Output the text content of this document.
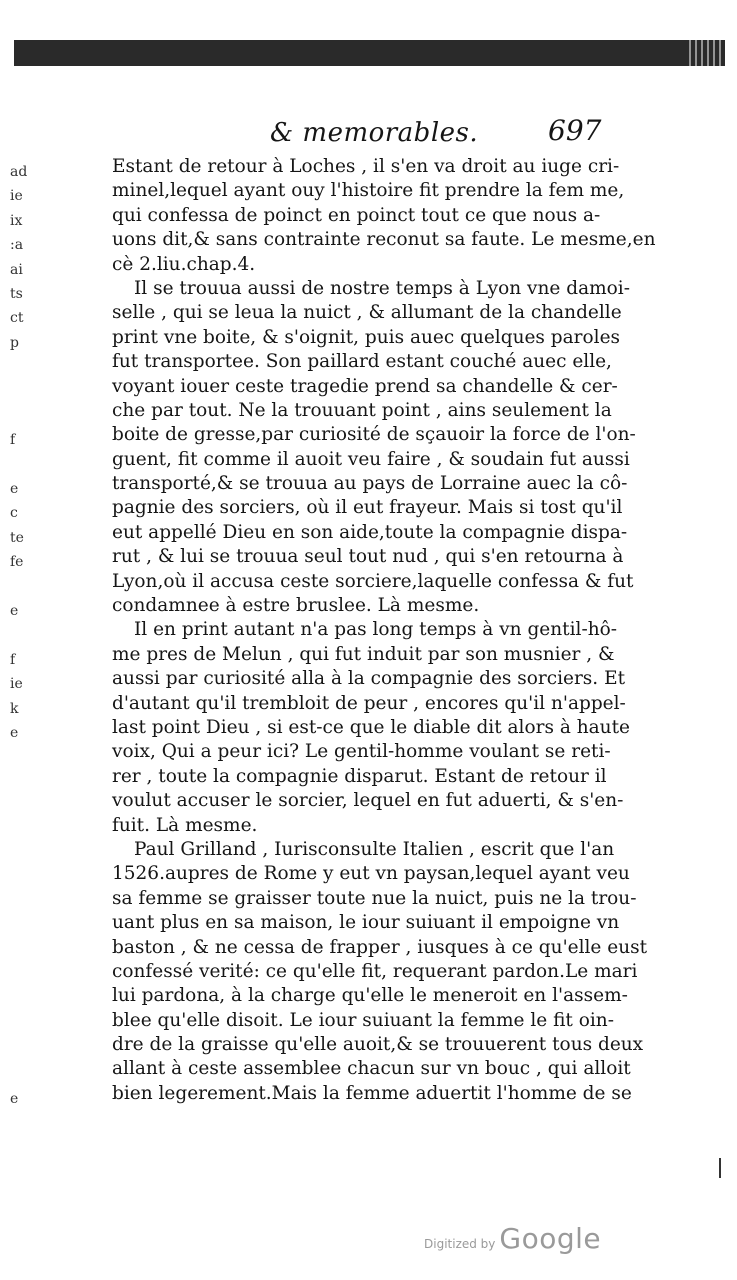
& memorables. 697
ad
ie
ix
:a
ai
ts
ct
p
f
e
c
te
fe
e
f
ie
k
e
e
Estant de retour à Loches , il s'en va droit au iuge cri-
minel,lequel ayant ouy l'histoire fit prendre la fem me,
qui confessa de poinct en poinct tout ce que nous a-
uons dit,& sans contrainte reconut sa faute. Le mesme,en
cè 2.liu.chap.4.
Il se trouua aussi de nostre temps à Lyon vne damoi-
selle , qui se leua la nuict , & allumant de la chandelle
print vne boite, & s'oignit, puis auec quelques paroles
fut transportee. Son paillard estant couché auec elle,
voyant iouer ceste tragedie prend sa chandelle & cer-
che par tout. Ne la trouuant point , ains seulement la
boite de gresse,par curiosité de sçauoir la force de l'on-
guent, fit comme il auoit veu faire , & soudain fut aussi
transporté,& se trouua au pays de Lorraine auec la cô-
pagnie des sorciers, où il eut frayeur. Mais si tost qu'il
eut appellé Dieu en son aide,toute la compagnie dispa-
rut , & lui se trouua seul tout nud , qui s'en retourna à
Lyon,où il accusa ceste sorciere,laquelle confessa & fut
condamnee à estre bruslee. Là mesme.
Il en print autant n'a pas long temps à vn gentil-hô-
me pres de Melun , qui fut induit par son musnier , &
aussi par curiosité alla à la compagnie des sorciers. Et
d'autant qu'il trembloit de peur , encores qu'il n'appel-
last point Dieu , si est-ce que le diable dit alors à haute
voix, Qui a peur ici? Le gentil-homme voulant se reti-
rer , toute la compagnie disparut. Estant de retour il
voulut accuser le sorcier, lequel en fut aduerti, & s'en-
fuit. Là mesme.
Paul Grilland , Iurisconsulte Italien , escrit que l'an
1526.aupres de Rome y eut vn paysan,lequel ayant veu
sa femme se graisser toute nue la nuict, puis ne la trou-
uant plus en sa maison, le iour suiuant il empoigne vn
baston , & ne cessa de frapper , iusques à ce qu'elle eust
confessé verité: ce qu'elle fit, requerant pardon.Le mari
lui pardona, à la charge qu'elle le meneroit en l'assem-
blee qu'elle disoit. Le iour suiuant la femme le fit oin-
dre de la graisse qu'elle auoit,& se trouuerent tous deux
allant à ceste assemblee chacun sur vn bouc , qui alloit
bien legerement.Mais la femme aduertit l'homme de se
Digitized by Google
